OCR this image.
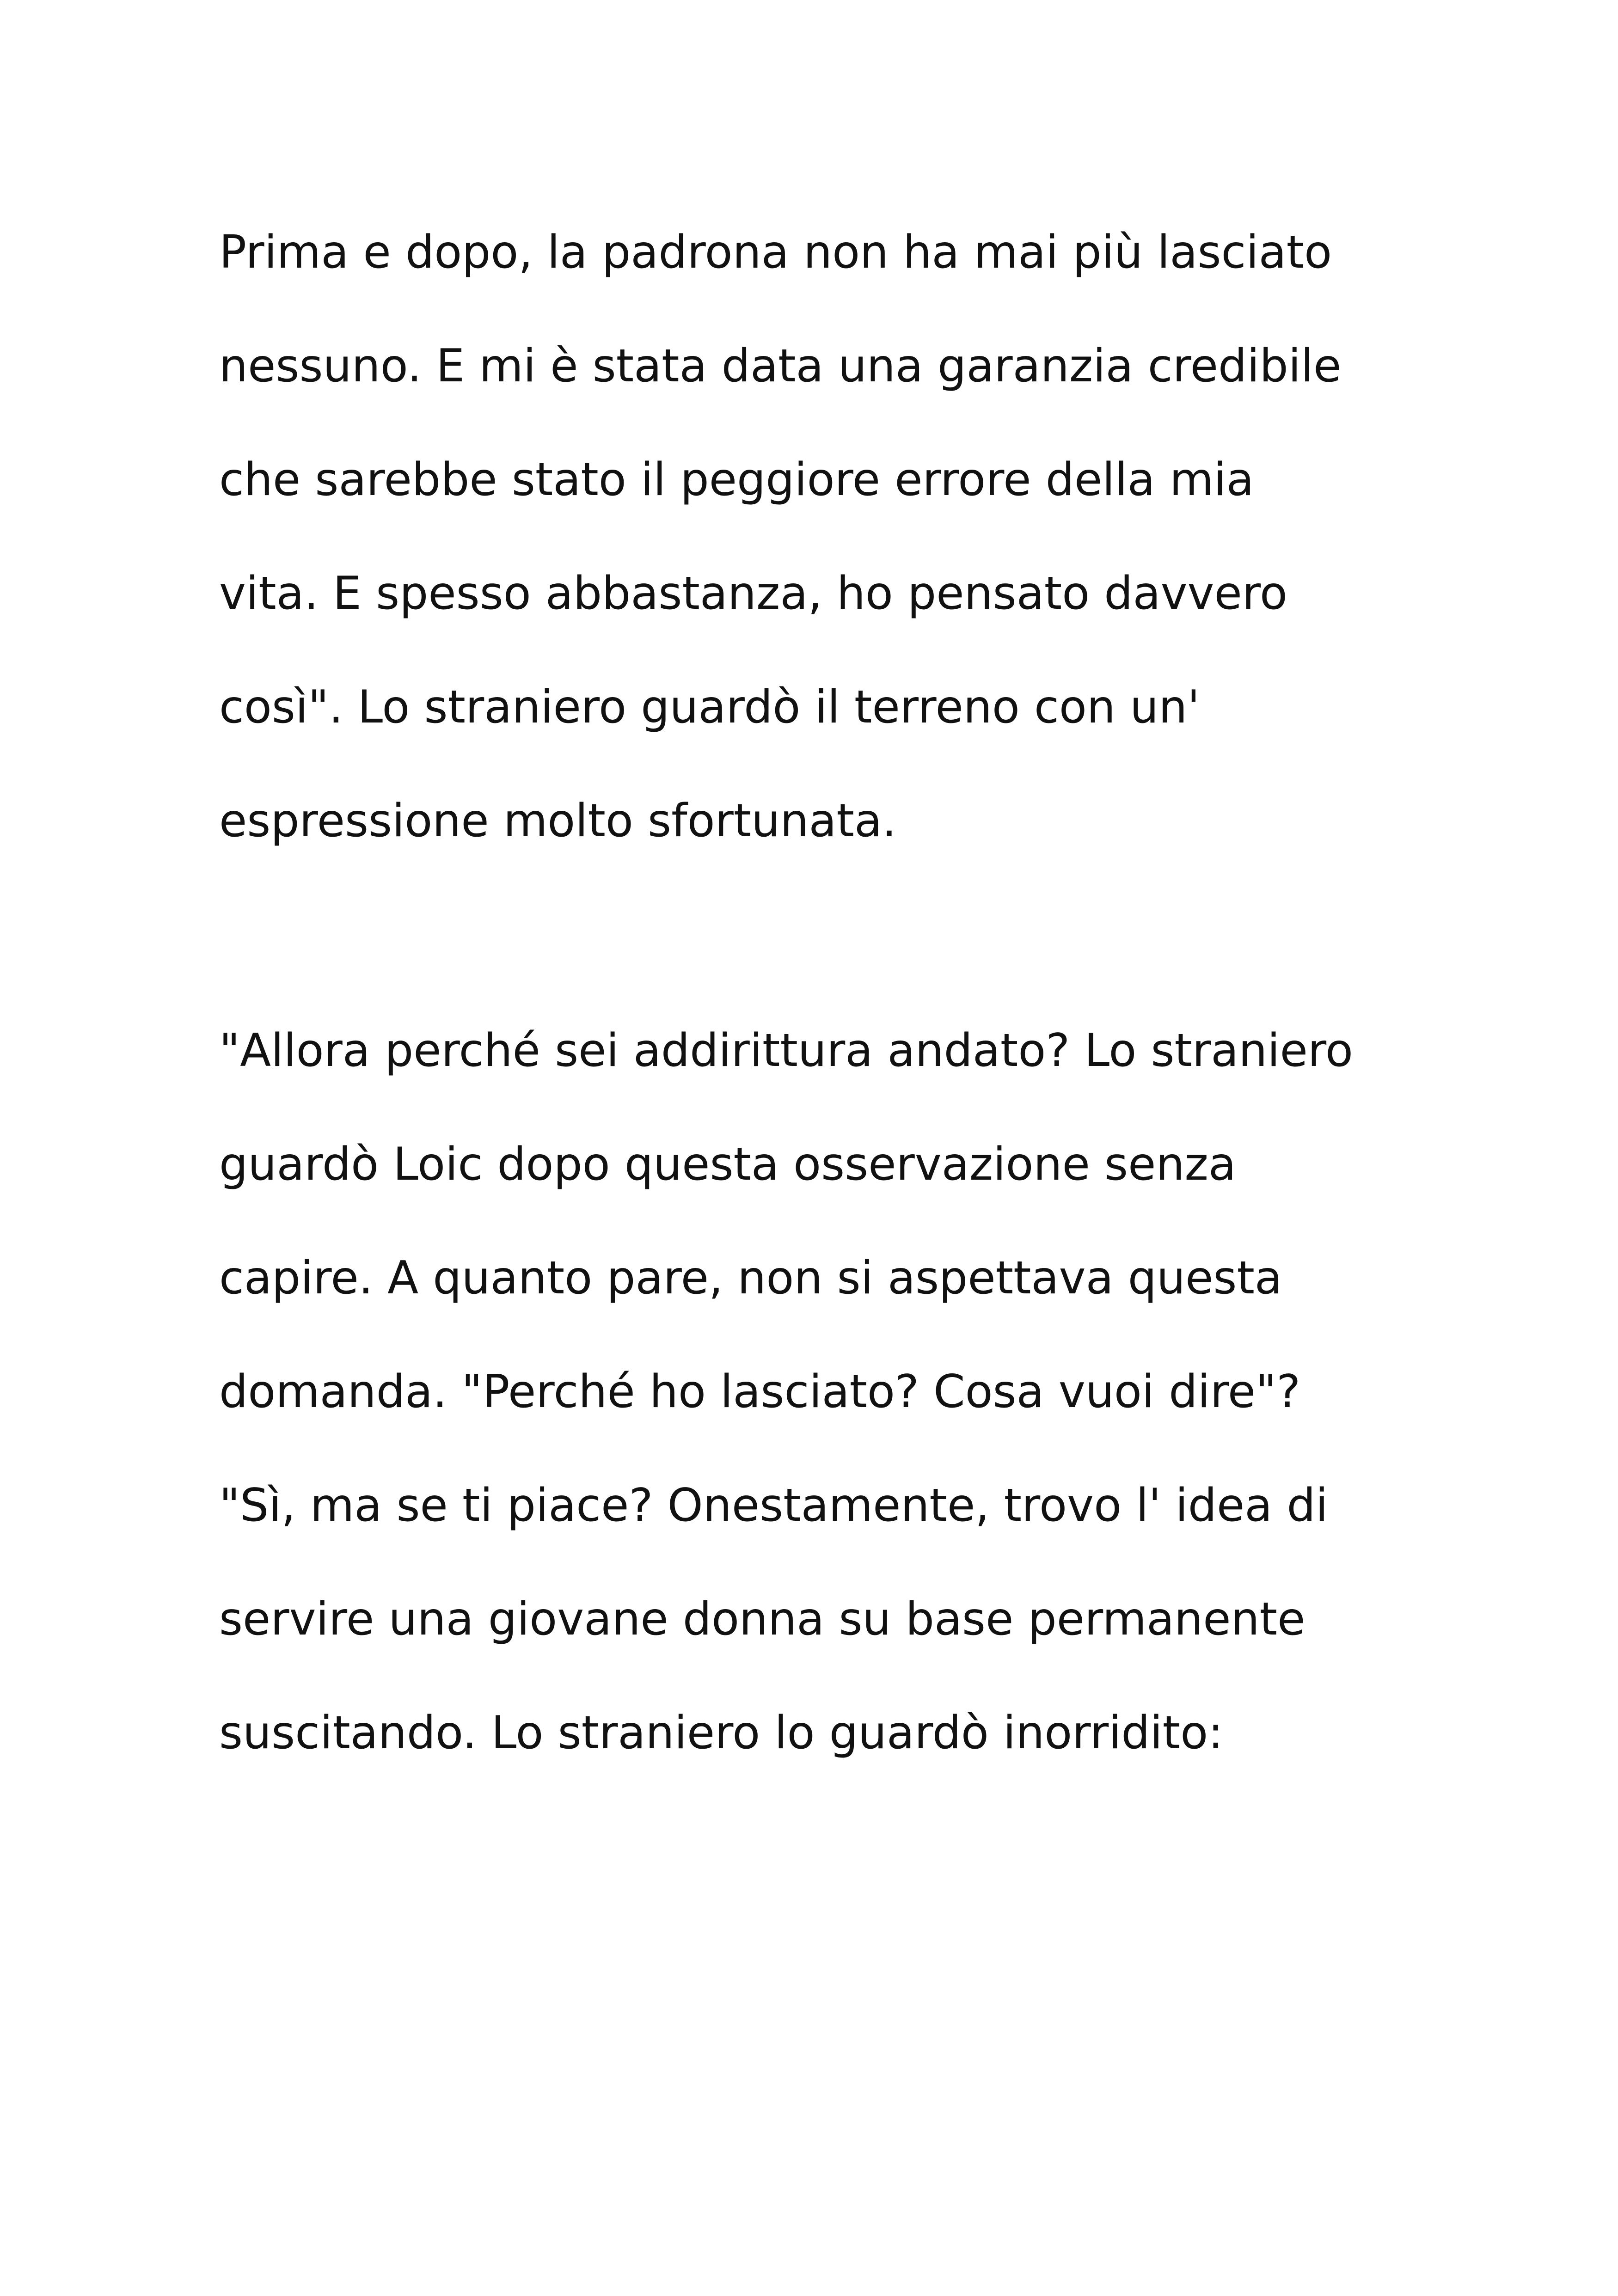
Prima e dopo, la padrona non ha mai più lasciato
nessuno. E mi è stata data una garanzia credibile
che sarebbe stato il peggiore errore della mia
vita. E spesso abbastanza, ho pensato davvero
così". Lo straniero guardò il terreno con un'
espressione molto sfortunata.
"Allora perché sei addirittura andato? Lo straniero
guardò Loic dopo questa osservazione senza
capire. A quanto pare, non si aspettava questa
domanda. "Perché ho lasciato? Cosa vuoi dire"?
"Sì, ma se ti piace? Onestamente, trovo l' idea di
servire una giovane donna su base permanente
suscitando. Lo straniero lo guardò inorridito:
